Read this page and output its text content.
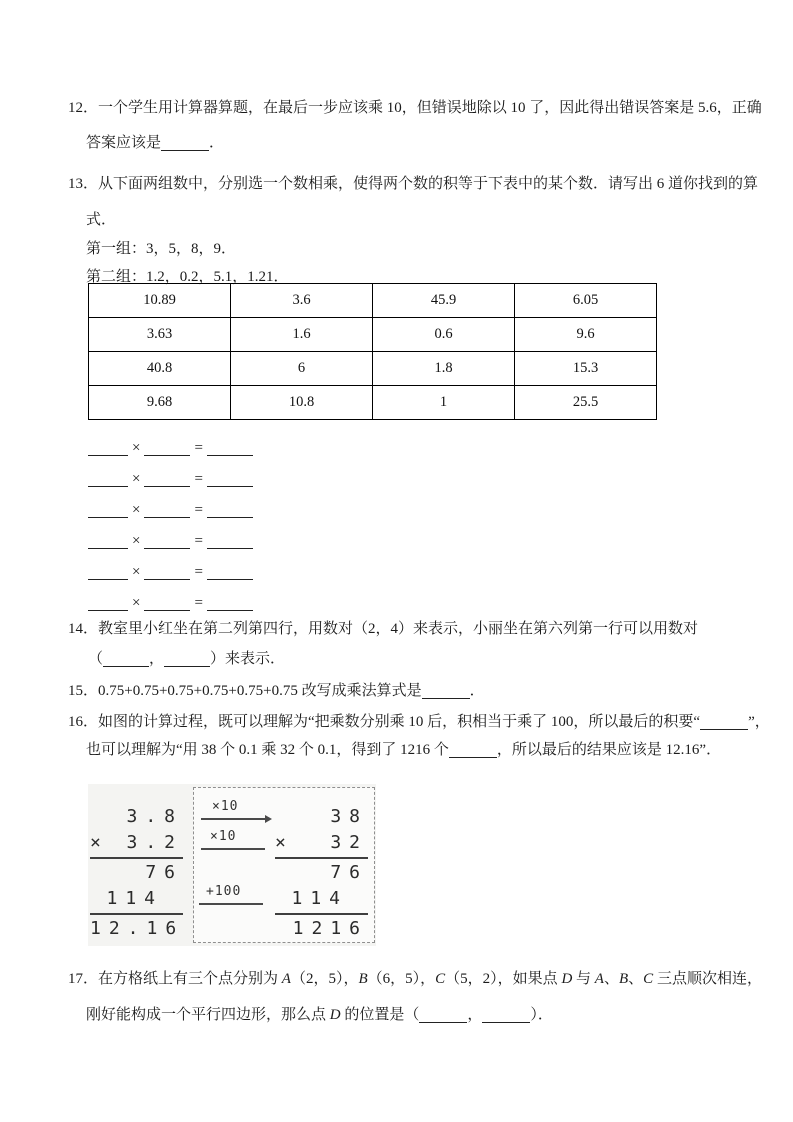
12．一个学生用计算器算题，在最后一步应该乘 10，但错误地除以 10 了，因此得出错误答案是 5.6，正确
答案应该是	．
13．从下面两组数中，分别选一个数相乘，使得两个数的积等于下表中的某个数．请写出 6 道你找到的算
式．
第一组：3，5，8，9．
第二组：1.2，0.2，5.1，1.21．
10.89	3.6	45.9	6.05
3.63	1.6	0.6	9.6
40.8	6	1.8	15.3
9.68	10.8	1	25.5
×	=
×	=
×	=
×	=
×	=
×	=
14．教室里小红坐在第二列第四行，用数对（2，4）来表示，小丽坐在第六列第一行可以用数对
（	，	）来表示．
15．0.75+0.75+0.75+0.75+0.75+0.75 改写成乘法算式是	．
16．如图的计算过程，既可以理解为“把乘数分别乘 10 后，积相当于乘了 100，所以最后的积要“	”，
也可以理解为“用 38 个 0.1 乘 32 个 0.1，得到了 1216 个	，所以最后的结果应该是 12.16”．
3.8
× 3.2
76
114
12.16
38
× 32
76
114
1216
×10
×10
+100
17．在方格纸上有三个点分别为 A（2，5），B（6，5），C（5，2），如果点 D 与 A、B、C 三点顺次相连，
刚好能构成一个平行四边形，那么点 D 的位置是（	，	）．
